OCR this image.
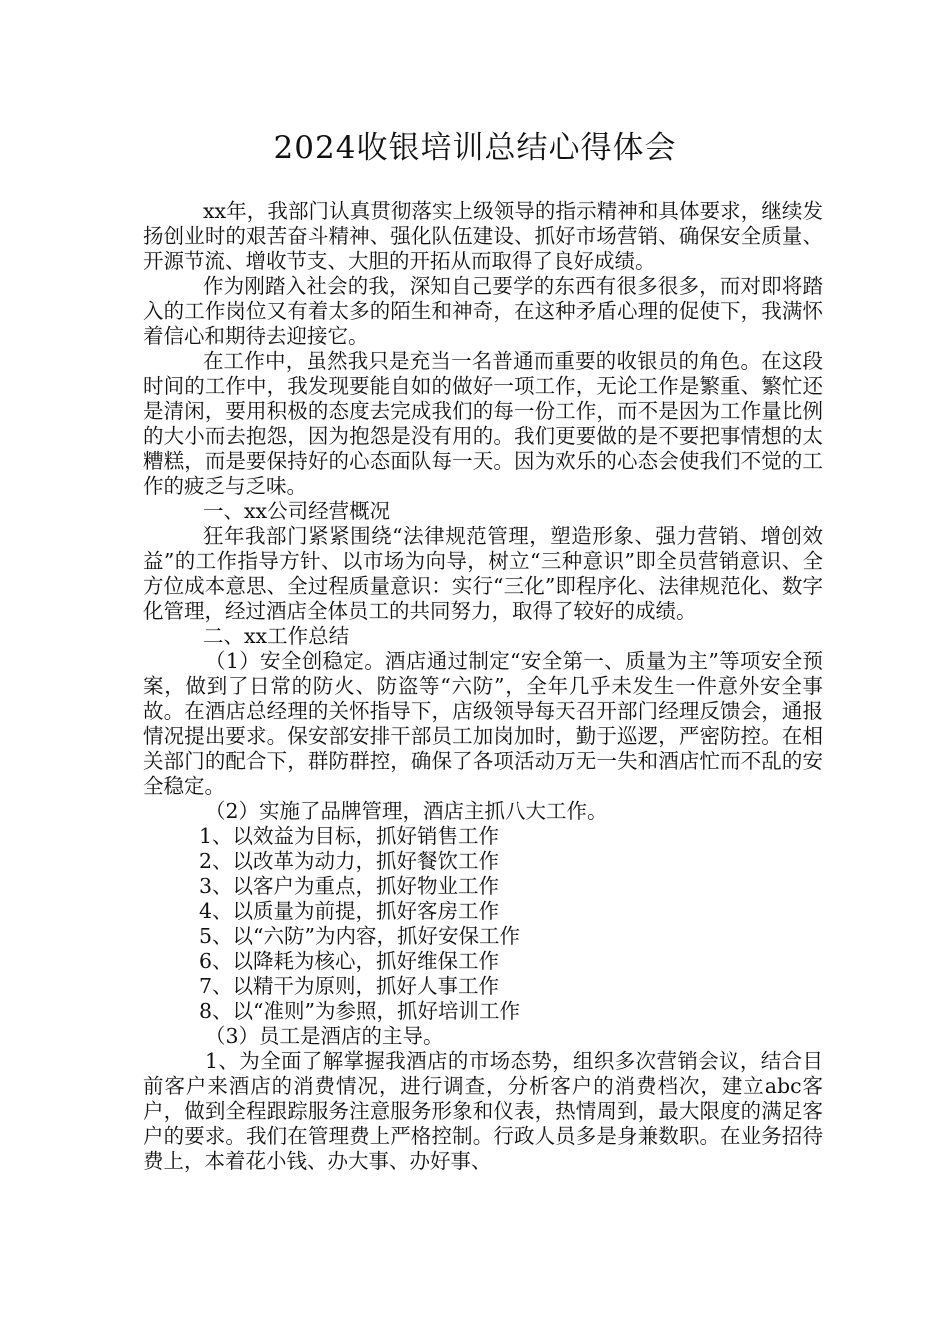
2024收银培训总结心得体会

xx年，我部门认真贯彻落实上级领导的指示精神和具体要求，继续发扬创业时的艰苦奋斗精神、强化队伍建设、抓好市场营销、确保安全质量、开源节流、增收节支、大胆的开拓从而取得了良好成绩。

作为刚踏入社会的我，深知自己要学的东西有很多很多，而对即将踏入的工作岗位又有着太多的陌生和神奇，在这种矛盾心理的促使下，我满怀着信心和期待去迎接它。

在工作中，虽然我只是充当一名普通而重要的收银员的角色。在这段时间的工作中，我发现要能自如的做好一项工作，无论工作是繁重、繁忙还是清闲，要用积极的态度去完成我们的每一份工作，而不是因为工作量比例的大小而去抱怨，因为抱怨是没有用的。我们更要做的是不要把事情想的太糟糕，而是要保持好的心态面队每一天。因为欢乐的心态会使我们不觉的工作的疲乏与乏味。

一、xx公司经营概况

狂年我部门紧紧围绕“法律规范管理，塑造形象、强力营销、增创效益”的工作指导方针、以市场为向导，树立“三种意识”即全员营销意识、全方位成本意思、全过程质量意识：实行“三化”即程序化、法律规范化、数字化管理，经过酒店全体员工的共同努力，取得了较好的成绩。

二、xx工作总结

（1）安全创稳定。酒店通过制定“安全第一、质量为主”等项安全预案，做到了日常的防火、防盗等“六防”，全年几乎未发生一件意外安全事故。在酒店总经理的关怀指导下，店级领导每天召开部门经理反馈会，通报情况提出要求。保安部安排干部员工加岗加时，勤于巡逻，严密防控。在相关部门的配合下，群防群控，确保了各项活动万无一失和酒店忙而不乱的安全稳定。

（2）实施了品牌管理，酒店主抓八大工作。

1、以效益为目标，抓好销售工作

2、以改革为动力，抓好餐饮工作

3、以客户为重点，抓好物业工作

4、以质量为前提，抓好客房工作

5、以“六防”为内容，抓好安保工作

6、以降耗为核心，抓好维保工作

7、以精干为原则，抓好人事工作

8、以“准则”为参照，抓好培训工作

（3）员工是酒店的主导。

1、为全面了解掌握我酒店的市场态势，组织多次营销会议，结合目前客户来酒店的消费情况，进行调查，分析客户的消费档次，建立abc客户，做到全程跟踪服务注意服务形象和仪表，热情周到，最大限度的满足客户的要求。我们在管理费上严格控制。行政人员多是身兼数职。在业务招待费上，本着花小钱、办大事、办好事、
